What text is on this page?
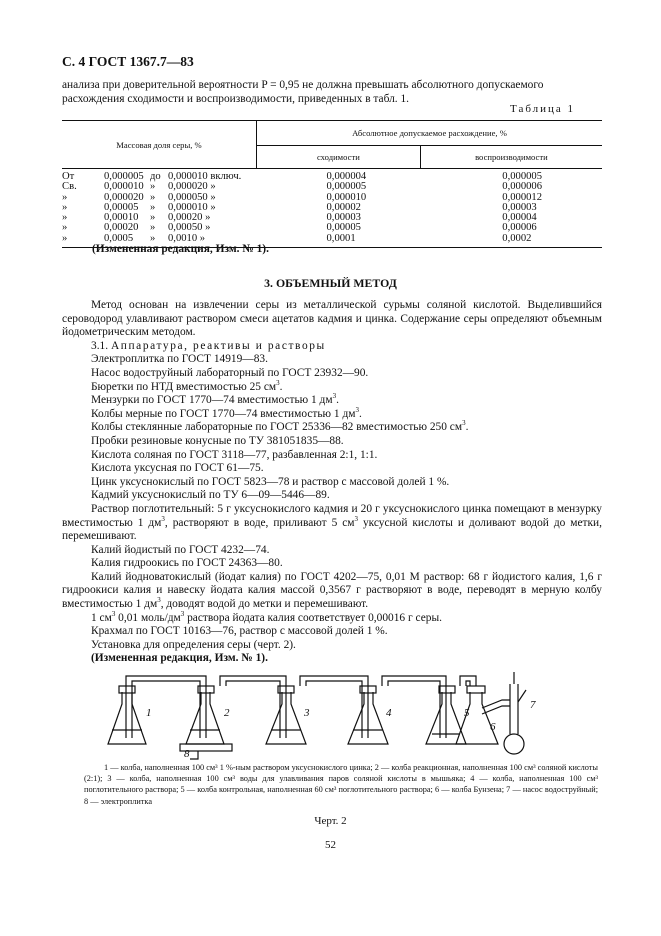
С. 4 ГОСТ 1367.7—83
анализа при доверительной вероятности P = 0,95 не должна превышать абсолютного допускаемого расхождения сходимости и воспроизводимости, приведенных в табл. 1.
Таблица 1
Массовая доля серы, %	Абсолютное допускаемое расхождение, %	
	сходимости	воспроизводимости
От 0,000005 до 0,000010 включ.	0,000004	0,000005
Св. 0,000010 » 0,000020 »	0,000005	0,000006
» 0,000020 » 0,000050 »	0,000010	0,000012
» 0,00005 » 0,000010 »	0,00002	0,00003
» 0,00010 » 0,00020 »	0,00003	0,00004
» 0,00020 » 0,00050 »	0,00005	0,00006
» 0,0005 » 0,0010 »	0,0001	0,0002

(Измененная редакция, Изм. № 1).
3. ОБЪЕМНЫЙ МЕТОД

Метод основан на извлечении серы из металлической сурьмы соляной кислотой. Выделившийся сероводород улавливают раствором смеси ацетатов кадмия и цинка. Содержание серы определяют объемным йодометрическим методом.

3.1. Аппаратура, реактивы и растворы

Электроплитка по ГОСТ 14919—83.

Насос водоструйный лабораторный по ГОСТ 23932—90.

Бюретки по НТД вместимостью 25 $см^3$.

Мензурки по ГОСТ 1770—74 вместимостью 1 $дм^3$.

Колбы мерные по ГОСТ 1770—74 вместимостью 1 $дм^3$.

Колбы стеклянные лабораторные по ГОСТ 25336—82 вместимостью 250 $см^3$.

Пробки резиновые конусные по ТУ 381051835—88.

Кислота соляная по ГОСТ 3118—77, разбавленная 2:1, 1:1.

Кислота уксусная по ГОСТ 61—75.

Цинк уксуснокислый по ГОСТ 5823—78 и раствор с массовой долей 1 %.

Кадмий уксуснокислый по ТУ 6—09—5446—89.

Раствор поглотительный: 5 г уксуснокислого кадмия и 20 г уксуснокислого цинка помещают в мензурку вместимостью 1 $дм^3$, растворяют в воде, приливают 5 $см^3$ уксусной кислоты и доливают водой до метки, перемешивают.

Калий йодистый по ГОСТ 4232—74.

Калия гидроокись по ГОСТ 24363—80.

Калий йодноватокислый (йодат калия) по ГОСТ 4202—75, 0,01 М раствор: 68 г йодистого калия, 1,6 г гидроокиси калия и навеску йодата калия массой 0,3567 г растворяют в воде, переводят в мерную колбу вместимостью 1 $дм^3$, доводят водой до метки и перемешивают.

1 $см^3$ 0,01 моль/$дм^3$ раствора йодата калия соответствует 0,00016 г серы.

Крахмал по ГОСТ 10163—76, раствор с массовой долей 1 %.

Установка для определения серы (черт. 2).

(Измененная редакция, Изм. № 1).

1	2	3	4	5
6
7
8
1 — колба, наполненная 100 см³ 1 %-ным раствором уксуснокислого цинка; 2 — колба реакционная, наполненная 100 см³ соляной кислоты (2:1); 3 — колба, наполненная 100 см³ воды для улавливания паров соляной кислоты в мышьяка; 4 — колба, наполненная 100 см³ поглотительного раствора; 5 — колба контрольная, наполненная 60 см³ поглотительного раствора; 6 — колба Бунзена; 7 — насос водоструйный; 8 — электроплитка
Черт. 2
52
